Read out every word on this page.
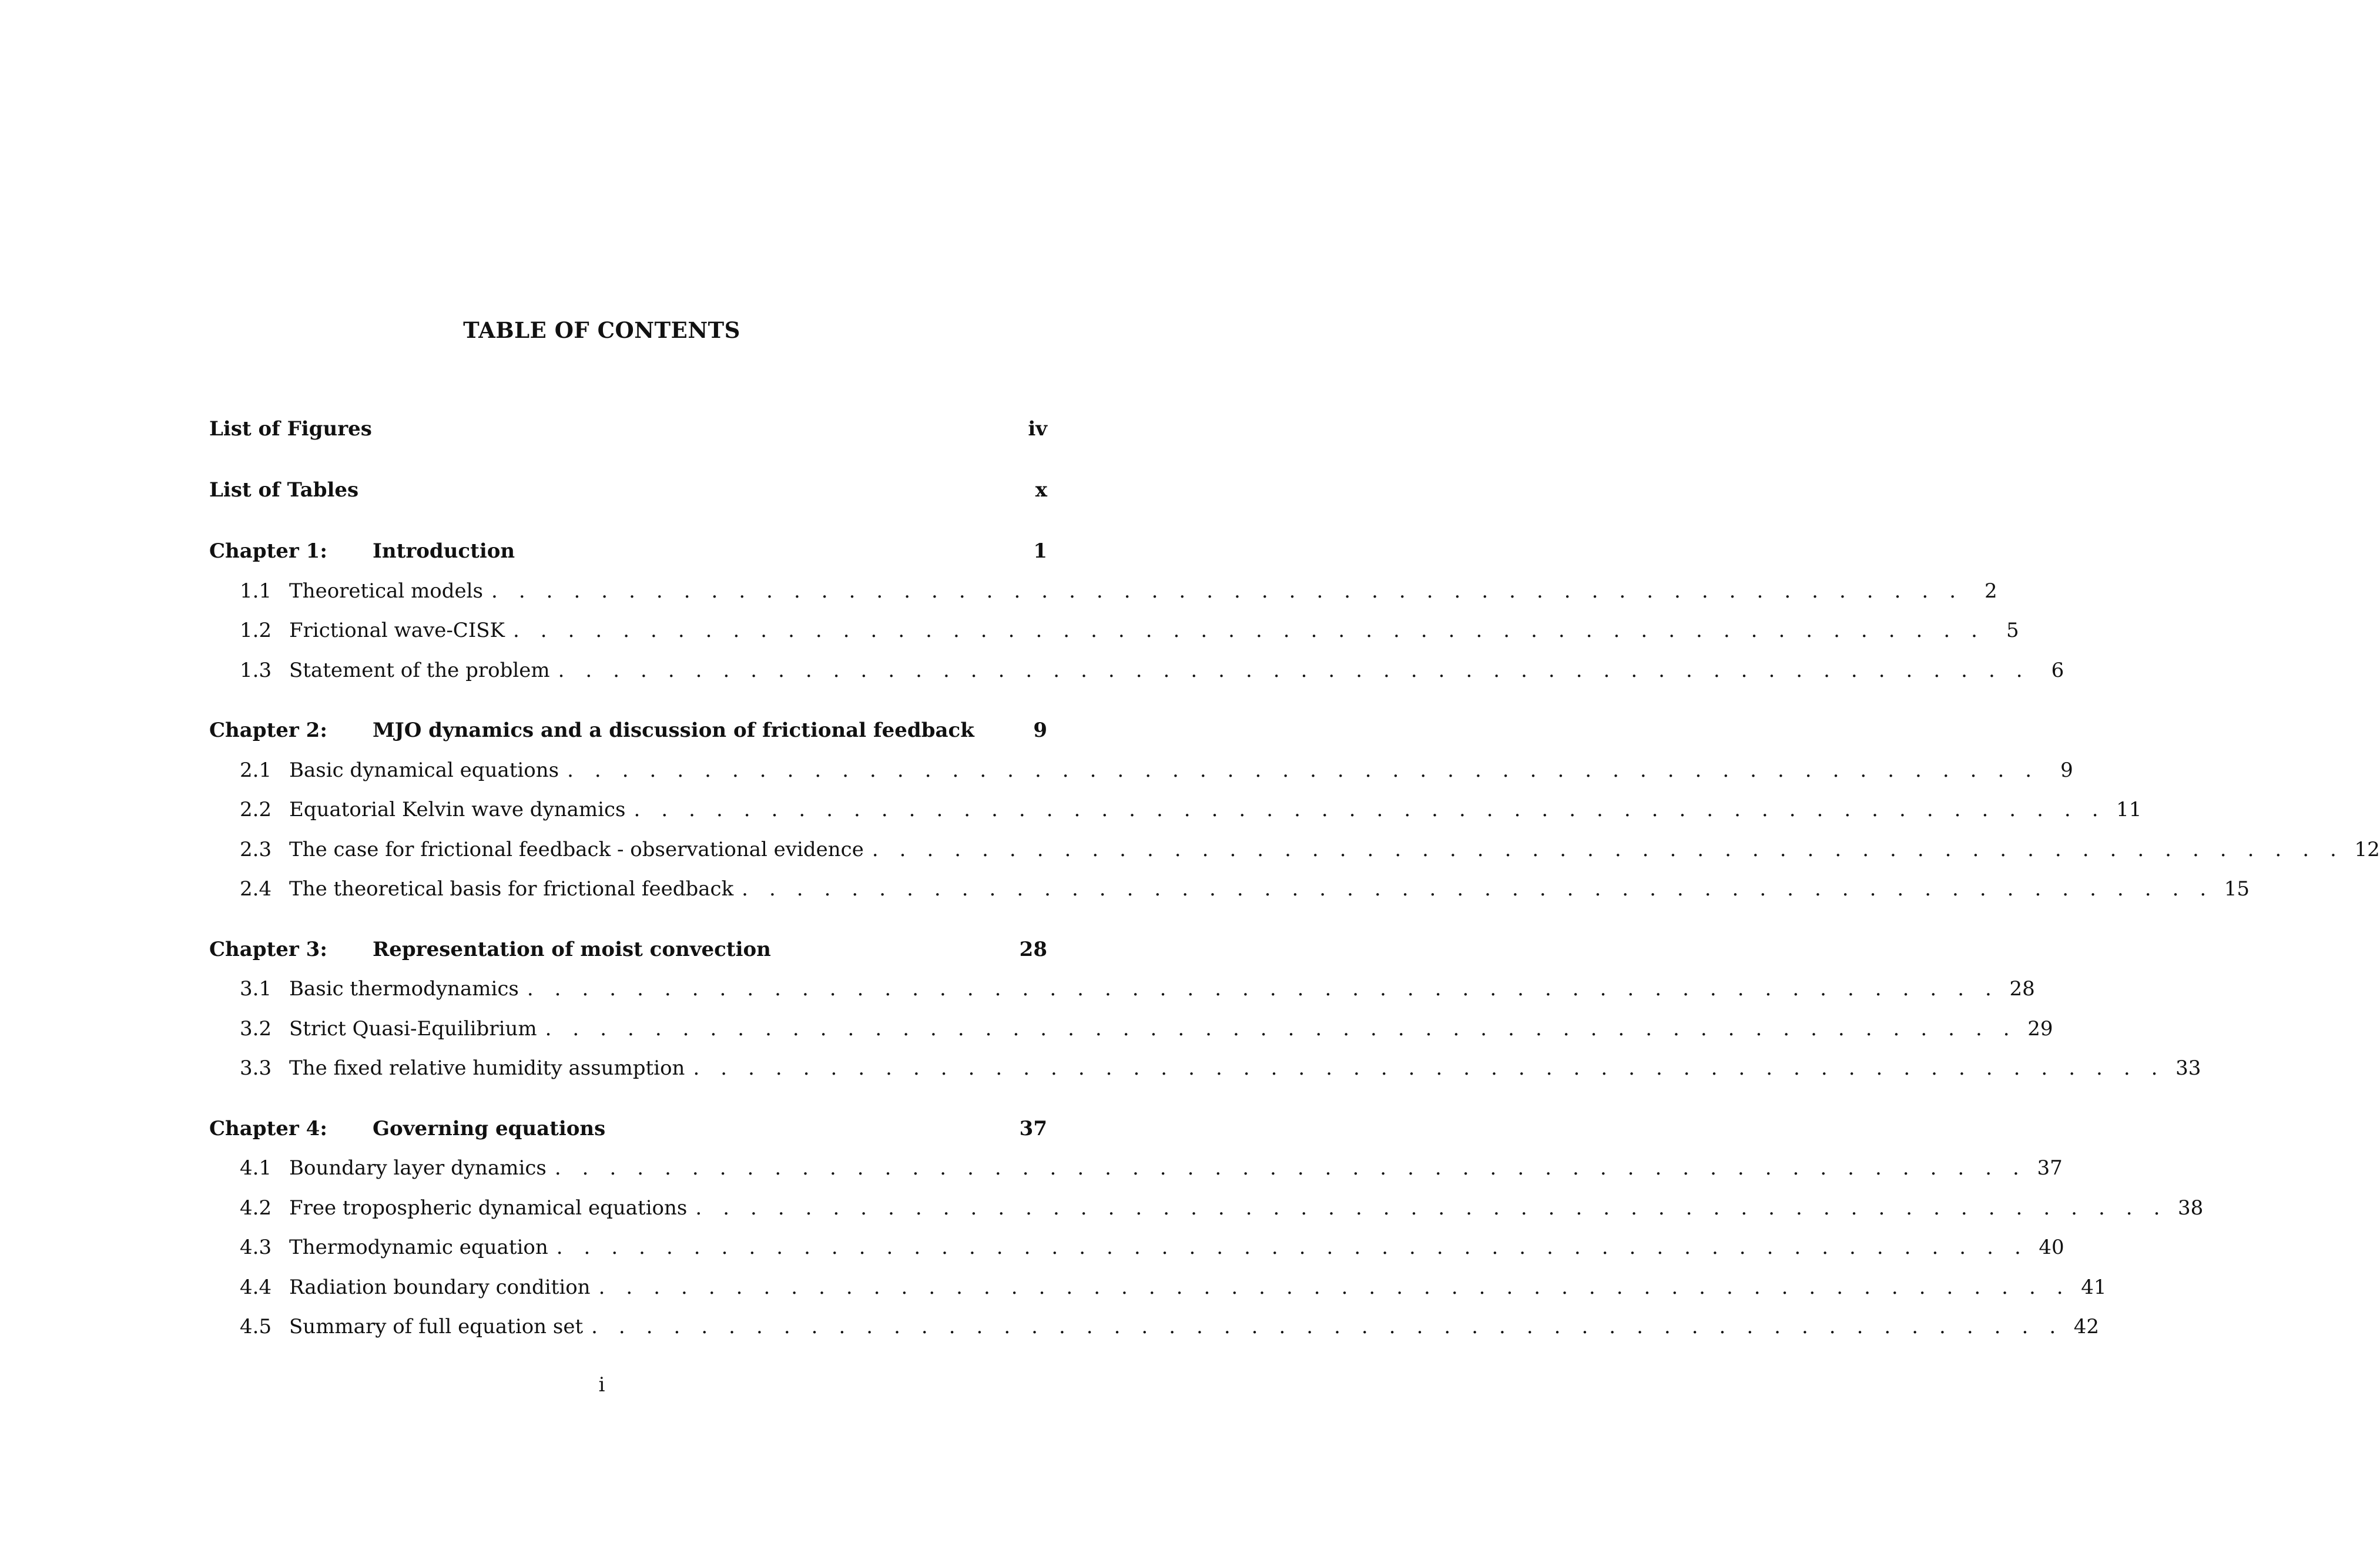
TABLE OF CONTENTS
List of Figures	iv
List of Tables	x
Chapter 1:	Introduction	1
1.1 Theoretical models . . . . . . . . . . . . . . . . . . . . . . . . . . . . . . . . . . . . . . . . . . . . . . . . . . . . . .	2
1.2 Frictional wave-CISK . . . . . . . . . . . . . . . . . . . . . . . . . . . . . . . . . . . . . . . . . . . . . . . . . . . . . .	5
1.3 Statement of the problem . . . . . . . . . . . . . . . . . . . . . . . . . . . . . . . . . . . . . . . . . . . . . . . . . . . . . .	6
Chapter 2:	MJO dynamics and a discussion of frictional feedback	9
2.1 Basic dynamical equations . . . . . . . . . . . . . . . . . . . . . . . . . . . . . . . . . . . . . . . . . . . . . . . . . . . . . .	9
2.2 Equatorial Kelvin wave dynamics . . . . . . . . . . . . . . . . . . . . . . . . . . . . . . . . . . . . . . . . . . . . . . . . . . . . . . 11
2.3 The case for frictional feedback - observational evidence . . . . . . . . . . . . . . . . . . . . . . . . . . . . . . . . . . . . . . . . . . . . . . . . . . . . . . 12
2.4 The theoretical basis for frictional feedback . . . . . . . . . . . . . . . . . . . . . . . . . . . . . . . . . . . . . . . . . . . . . . . . . . . . . . 15
Chapter 3:	Representation of moist convection	28
3.1 Basic thermodynamics . . . . . . . . . . . . . . . . . . . . . . . . . . . . . . . . . . . . . . . . . . . . . . . . . . . . . . 28
3.2 Strict Quasi-Equilibrium . . . . . . . . . . . . . . . . . . . . . . . . . . . . . . . . . . . . . . . . . . . . . . . . . . . . . . 29
3.3 The fixed relative humidity assumption . . . . . . . . . . . . . . . . . . . . . . . . . . . . . . . . . . . . . . . . . . . . . . . . . . . . . . 33
Chapter 4:	Governing equations	37
4.1 Boundary layer dynamics . . . . . . . . . . . . . . . . . . . . . . . . . . . . . . . . . . . . . . . . . . . . . . . . . . . . . . 37
4.2 Free tropospheric dynamical equations . . . . . . . . . . . . . . . . . . . . . . . . . . . . . . . . . . . . . . . . . . . . . . . . . . . . . . 38
4.3 Thermodynamic equation . . . . . . . . . . . . . . . . . . . . . . . . . . . . . . . . . . . . . . . . . . . . . . . . . . . . . . 40
4.4 Radiation boundary condition . . . . . . . . . . . . . . . . . . . . . . . . . . . . . . . . . . . . . . . . . . . . . . . . . . . . . . 41
4.5 Summary of full equation set . . . . . . . . . . . . . . . . . . . . . . . . . . . . . . . . . . . . . . . . . . . . . . . . . . . . . . 42
i
